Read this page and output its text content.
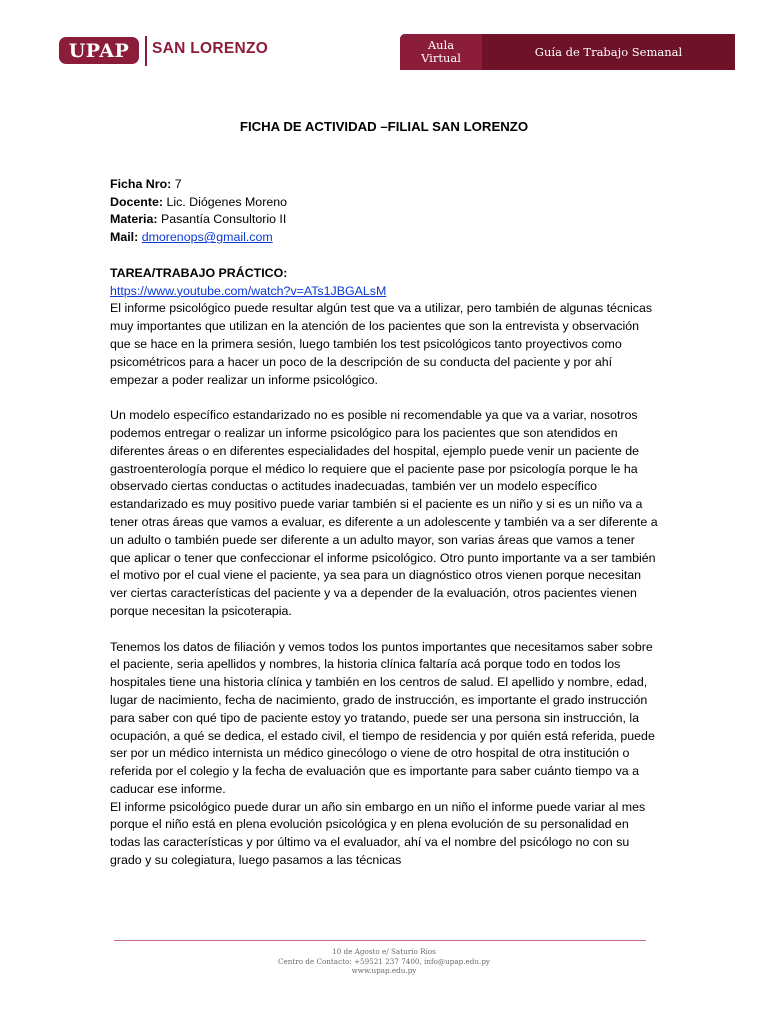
UPAP	SAN LORENZO	Aula
Virtual	Guía de Trabajo Semanal

FICHA DE ACTIVIDAD –FILIAL SAN LORENZO

Ficha Nro: 7

Docente: Lic. Diógenes Moreno

Materia: Pasantía Consultorio II

Mail: dmorenops@gmail.com

TAREA/TRABAJO PRÁCTICO:

https://www.youtube.com/watch?v=ATs1JBGALsM

El informe psicológico puede resultar algún test que va a utilizar, pero también de algunas técnicas muy importantes que utilizan en la atención de los pacientes que son la entrevista y observación que se hace en la primera sesión, luego también los test psicológicos tanto proyectivos como psicométricos para a hacer un poco de la descripción de su conducta del paciente y por ahí empezar a poder realizar un informe psicológico.

Un modelo específico estandarizado no es posible ni recomendable ya que va a variar, nosotros podemos entregar o realizar un informe psicológico para los pacientes que son atendidos en diferentes áreas o en diferentes especialidades del hospital, ejemplo puede venir un paciente de gastroenterología porque el médico lo requiere que el paciente pase por psicología porque le ha observado ciertas conductas o actitudes inadecuadas, también ver un modelo específico estandarizado es muy positivo puede variar también si el paciente es un niño y si es un niño va a tener otras áreas que vamos a evaluar, es diferente a un adolescente y también va a ser diferente a un adulto o también puede ser diferente a un adulto mayor, son varias áreas que vamos a tener que aplicar o tener que confeccionar el informe psicológico. Otro punto importante va a ser también el motivo por el cual viene el paciente, ya sea para un diagnóstico otros vienen porque necesitan ver ciertas características del paciente y va a depender de la evaluación, otros pacientes vienen porque necesitan la psicoterapia.

Tenemos los datos de filiación y vemos todos los puntos importantes que necesitamos saber sobre el paciente, seria apellidos y nombres, la historia clínica faltaría acá porque todo en todos los hospitales tiene una historia clínica y también en los centros de salud. El apellido y nombre, edad, lugar de nacimiento, fecha de nacimiento, grado de instrucción, es importante el grado instrucción para saber con qué tipo de paciente estoy yo tratando, puede ser una persona sin instrucción, la ocupación, a qué se dedica, el estado civil, el tiempo de residencia y por quién está referida, puede ser por un médico internista un médico ginecólogo o viene de otro hospital de otra institución o referida por el colegio y la fecha de evaluación que es importante para saber cuánto tiempo va a caducar ese informe.

El informe psicológico puede durar un año sin embargo en un niño el informe puede variar al mes porque el niño está en plena evolución psicológica y en plena evolución de su personalidad en todas las características y por último va el evaluador, ahí va el nombre del psicólogo no con su grado y su colegiatura, luego pasamos a las técnicas

10 de Agosto e/ Saturio Ríos
Centro de Contacto: +59521 237 7400, info@upap.edu.py
www.upap.edu.py
